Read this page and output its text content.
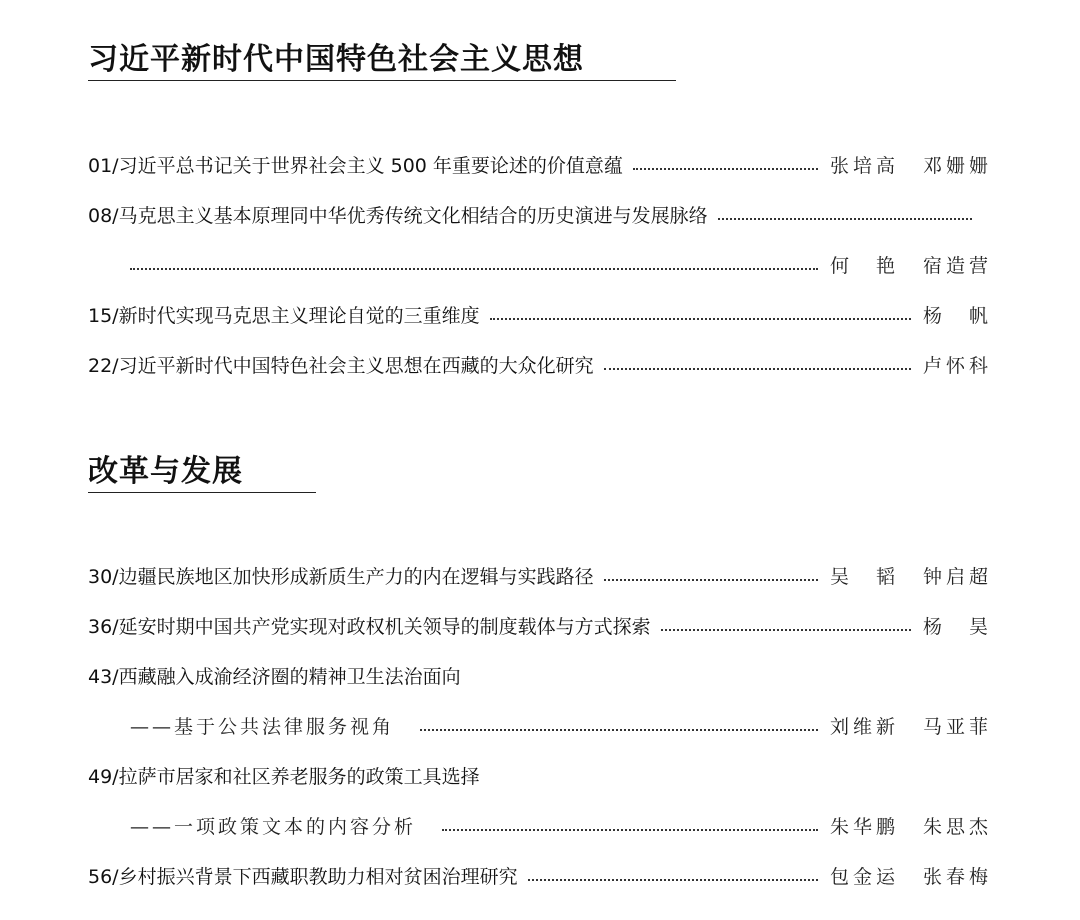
习近平新时代中国特色社会主义思想
01/习近平总书记关于世界社会主义 500 年重要论述的价值意蕴	张培高 邓姗姗
08/马克思主义基本原理同中华优秀传统文化相结合的历史演进与发展脉络
何　艳 宿造营
15/新时代实现马克思主义理论自觉的三重维度	杨　帆
22/习近平新时代中国特色社会主义思想在西藏的大众化研究	卢怀科
改革与发展
30/边疆民族地区加快形成新质生产力的内在逻辑与实践路径	吴　韬 钟启超
36/延安时期中国共产党实现对政权机关领导的制度载体与方式探索	杨　昊
43/西藏融入成渝经济圈的精神卫生法治面向
——基于公共法律服务视角	刘维新 马亚菲
49/拉萨市居家和社区养老服务的政策工具选择
——一项政策文本的内容分析	朱华鹏 朱思杰
56/乡村振兴背景下西藏职教助力相对贫困治理研究	包金运 张春梅
